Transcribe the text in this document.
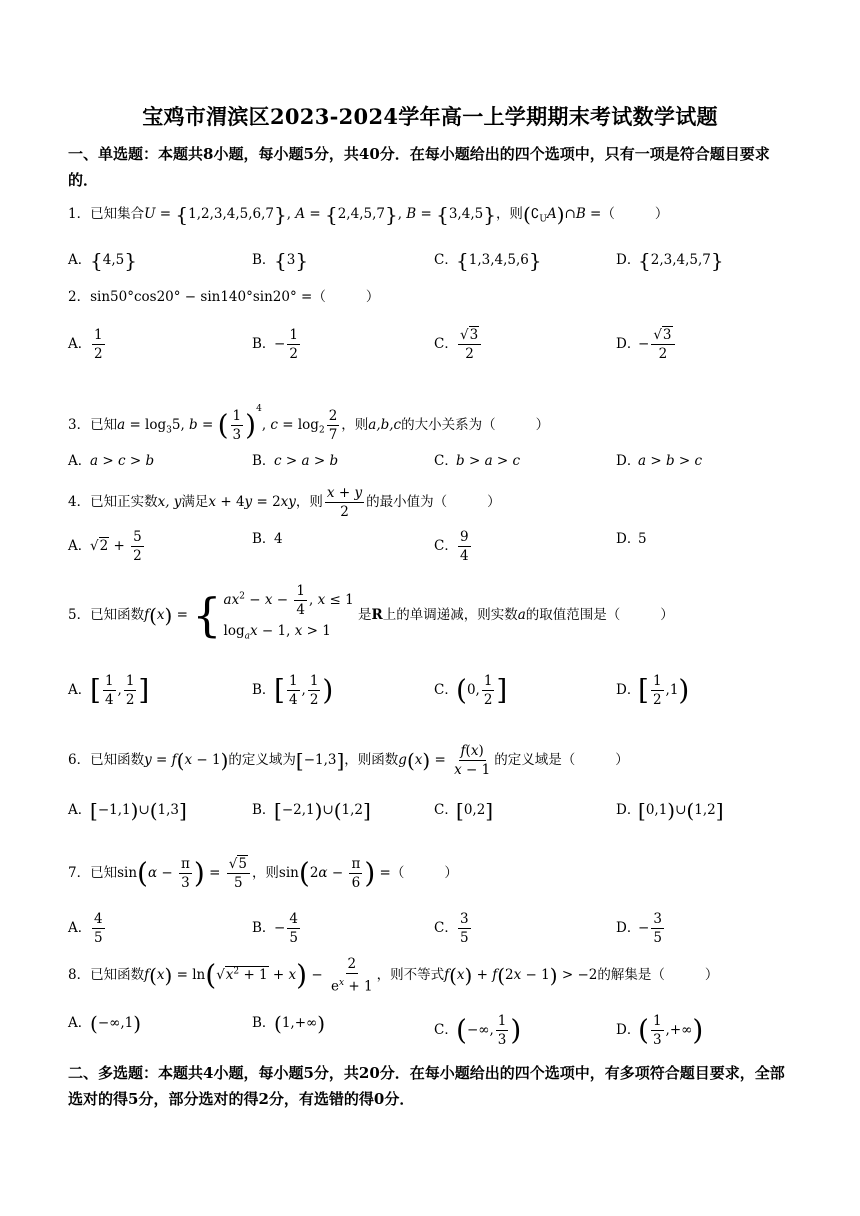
宝鸡市渭滨区2023-2024学年高一上学期期末考试数学试题
一、单选题：本题共8小题，每小题5分，共40分．在每小题给出的四个选项中，只有一项是符合题目要求的．
1．已知集合U = {1,2,3,4,5,6,7}, A = {2,4,5,7}, B = {3,4,5}，则$(∁_UA)\cap B$ =（	）
A．{4,5}	B．{3}	C．{1,3,4,5,6}	D．{2,3,4,5,7}
2．sin50°cos20° − sin140°sin20° =（	）
A． $\frac{1}{2}$	B．− $\frac{1}{2}$	C． $\frac{√3}{2}$	D．− $\frac{√3}{2}$
3．已知$a = \log_35$, b = ( $\frac{1}{3} )^4$, $c = \log_2 \frac{2}{7}$ ，则a,b,c的大小关系为（	）
A．a > c > b	B．c > a > b	C．b > a > c	D．a > b > c
4．已知正实数x, y满足x + 4y = 2xy，则 $\frac{x + y}{2}$ 的最小值为（	）
A．$√2 + \frac{5}{2}$	B．4	C． $\frac{9}{4}$	D．5
5．已知函数f(x) = { $ax^2 - x - \frac{1}{4}$ , x ≤ 1
$\log_ax - 1$, x > 1
是R上的单调递减，则实数a的取值范围是（	）
A．[ $\frac{1}{4}$ , $\frac{1}{2}$ ]	B．[ $\frac{1}{4}$ , $\frac{1}{2}$ )	C．(0, $\frac{1}{2}$ ]	D．[ $\frac{1}{2} ,1$)
6．已知函数y = f(x − 1)的定义域为[−1,3]，则函数$g(x) = \frac{f(x)}{x - 1}$ 的定义域是（	）
A．[−1,1)∪(1,3]	B．[−2,1)∪(1,2]	C．[0,2]	D．[0,1)∪(1,2]
7．已知$\sin(\alpha - \frac{\pi}{3}$ ) = $\frac{√5}{5}$ ，则$\sin(2\alpha - \frac{\pi}{6}$ ) =（	）
A． $\frac{4}{5}$	B．− $\frac{4}{5}$	C． $\frac{3}{5}$	D．− $\frac{3}{5}$
8．已知函数$f(x) = \ln(√x^2 + 1 + x) - \frac{2}{e^x + 1}$ ，则不等式f(x) + f(2x − 1) > −2的解集是（	）
A．(−∞,1)	B．(1,+∞)	C．(−∞, $\frac{1}{3}$ )	D．( $\frac{1}{3}$ ,+∞)
二、多选题：本题共4小题，每小题5分，共20分．在每小题给出的四个选项中，有多项符合题目要求，全部选对的得5分，部分选对的得2分，有选错的得0分．
